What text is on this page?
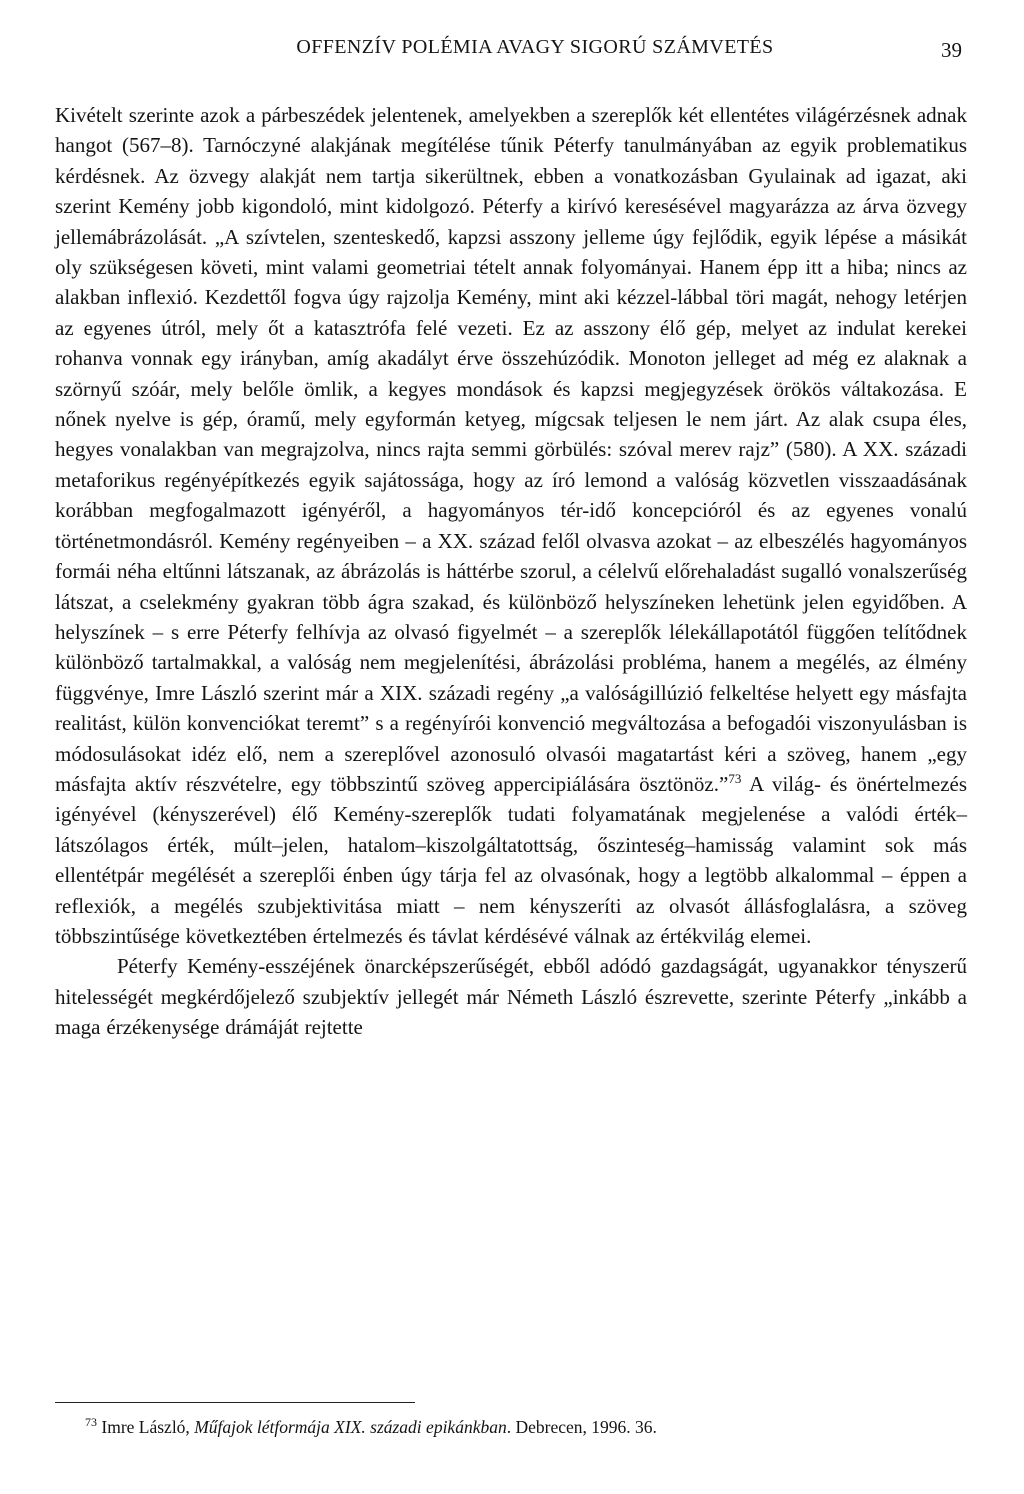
OFFENZÍV POLÉMIA AVAGY SIGORÚ SZÁMVETÉS	39

Kivételt szerinte azok a párbeszédek jelentenek, amelyekben a szereplők két ellentétes világérzésnek adnak hangot (567–8). Tarnóczyné alakjának megítélése tűnik Péterfy tanulmányában az egyik problematikus kérdésnek. Az özvegy alakját nem tartja sikerültnek, ebben a vonatkozásban Gyulainak ad igazat, aki szerint Kemény jobb kigondoló, mint kidolgozó. Péterfy a kirívó keresésével magyarázza az árva özvegy jellemábrázolását. „A szívtelen, szenteskedő, kapzsi asszony jelleme úgy fejlődik, egyik lépése a másikát oly szükségesen követi, mint valami geometriai tételt annak folyományai. Hanem épp itt a hiba; nincs az alakban inflexió. Kezdettől fogva úgy rajzolja Kemény, mint aki kézzel-lábbal töri magát, nehogy letérjen az egyenes útról, mely őt a katasztrófa felé vezeti. Ez az asszony élő gép, melyet az indulat kerekei rohanva vonnak egy irányban, amíg akadályt érve összehúzódik. Monoton jelleget ad még ez alaknak a szörnyű szóár, mely belőle ömlik, a kegyes mondások és kapzsi megjegyzések örökös váltakozása. E nőnek nyelve is gép, óramű, mely egyformán ketyeg, mígcsak teljesen le nem járt. Az alak csupa éles, hegyes vonalakban van megrajzolva, nincs rajta semmi görbülés: szóval merev rajz” (580). A XX. századi metaforikus regényépítkezés egyik sajátossága, hogy az író lemond a valóság közvetlen visszaadásának korábban megfogalmazott igényéről, a hagyományos tér-idő koncepcióról és az egyenes vonalú történetmondásról. Kemény regényeiben – a XX. század felől olvasva azokat – az elbeszélés hagyományos formái néha eltűnni látszanak, az ábrázolás is háttérbe szorul, a célelvű előrehaladást sugalló vonalszerűség látszat, a cselekmény gyakran több ágra szakad, és különböző helyszíneken lehetünk jelen egyidőben. A helyszínek – s erre Péterfy felhívja az olvasó figyelmét – a szereplők lélekállapotától függően telítődnek különböző tartalmakkal, a valóság nem megjelenítési, ábrázolási probléma, hanem a megélés, az élmény függvénye, Imre László szerint már a XIX. századi regény „a valóságillúzió felkeltése helyett egy másfajta realitást, külön konvenciókat teremt” s a regényírói konvenció megváltozása a befogadói viszonyulásban is módosulásokat idéz elő, nem a szereplővel azonosuló olvasói magatartást kéri a szöveg, hanem „egy másfajta aktív részvételre, egy többszintű szöveg appercipiálására ösztönöz.”$^{73}$ A világ- és önértelmezés igényével (kényszerével) élő Kemény-szereplők tudati folyamatának megjelenése a valódi érték–látszólagos érték, múlt–jelen, hatalom–kiszolgáltatottság, őszinteség–hamisság valamint sok más ellentétpár megélését a szereplői énben úgy tárja fel az olvasónak, hogy a legtöbb alkalommal – éppen a reflexiók, a megélés szubjektivitása miatt – nem kényszeríti az olvasót állásfoglalásra, a szöveg többszintűsége következtében értelmezés és távlat kérdésévé válnak az értékvilág elemei.

Péterfy Kemény-esszéjének önarcképszerűségét, ebből adódó gazdagságát, ugyanakkor tényszerű hitelességét megkérdőjelező szubjektív jellegét már Németh László észrevette, szerinte Péterfy „inkább a maga érzékenysége drámáját rejtette

$^{73}$ Imre László, Műfajok létformája XIX. századi epikánkban. Debrecen, 1996. 36.
